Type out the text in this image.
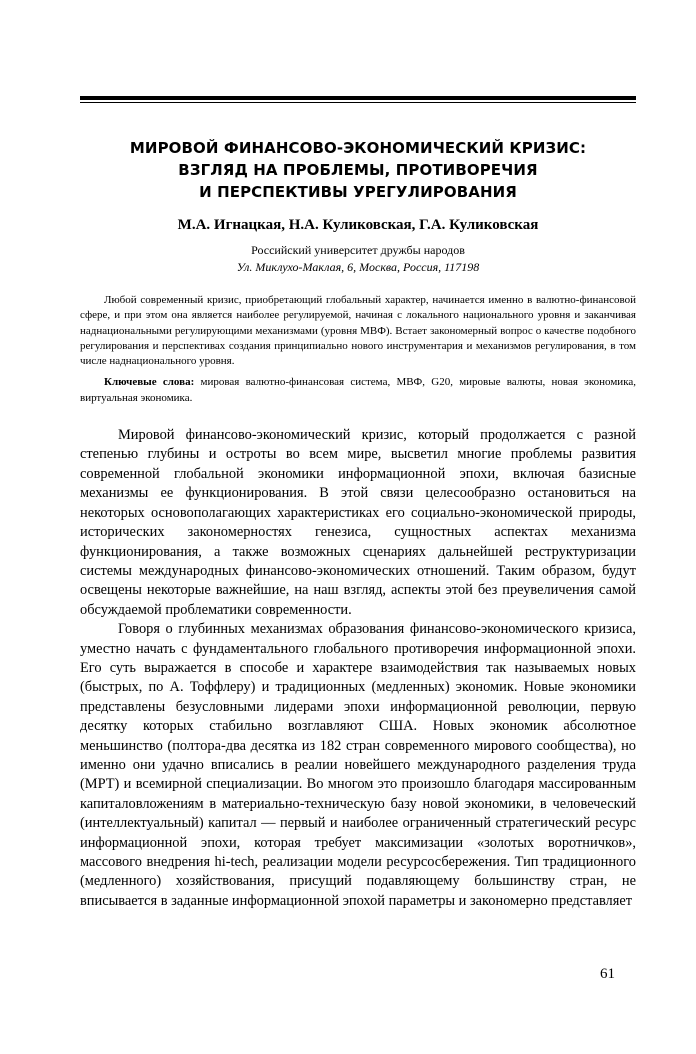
МИРОВОЙ ФИНАНСОВО-ЭКОНОМИЧЕСКИЙ КРИЗИС:
ВЗГЛЯД НА ПРОБЛЕМЫ, ПРОТИВОРЕЧИЯ
И ПЕРСПЕКТИВЫ УРЕГУЛИРОВАНИЯ
М.А. Игнацкая, Н.А. Куликовская, Г.А. Куликовская
Российский университет дружбы народов
Ул. Миклухо-Маклая, 6, Москва, Россия, 117198
Любой современный кризис, приобретающий глобальный характер, начинается именно в валютно-финансовой сфере, и при этом она является наиболее регулируемой, начиная с локального национального уровня и заканчивая наднациональными регулирующими механизмами (уровня МВФ). Встает закономерный вопрос о качестве подобного регулирования и перспективах создания принципиально нового инструментария и механизмов регулирования, в том числе наднационального уровня.
Ключевые слова: мировая валютно-финансовая система, МВФ, G20, мировые валюты, новая экономика, виртуальная экономика.

Мировой финансово-экономический кризис, который продолжается с разной степенью глубины и остроты во всем мире, высветил многие проблемы развития современной глобальной экономики информационной эпохи, включая базисные механизмы ее функционирования. В этой связи целесообразно остановиться на некоторых основополагающих характеристиках его социально-экономической природы, исторических закономерностях генезиса, сущностных аспектах механизма функционирования, а также возможных сценариях дальнейшей реструктуризации системы международных финансово-экономических отношений. Таким образом, будут освещены некоторые важнейшие, на наш взгляд, аспекты этой без преувеличения самой обсуждаемой проблематики современности.

Говоря о глубинных механизмах образования финансово-экономического кризиса, уместно начать с фундаментального глобального противоречия информационной эпохи. Его суть выражается в способе и характере взаимодействия так называемых новых (быстрых, по А. Тоффлеру) и традиционных (медленных) экономик. Новые экономики представлены безусловными лидерами эпохи информационной революции, первую десятку которых стабильно возглавляют США. Новых экономик абсолютное меньшинство (полтора-два десятка из 182 стран современного мирового сообщества), но именно они удачно вписались в реалии новейшего международного разделения труда (МРТ) и всемирной специализации. Во многом это произошло благодаря массированным капиталовложениям в материально-техническую базу новой экономики, в человеческий (интеллектуальный) капитал — первый и наиболее ограниченный стратегический ресурс информационной эпохи, которая требует максимизации «золотых воротничков», массового внедрения hi-tech, реализации модели ресурсосбережения. Тип традиционного (медленного) хозяйствования, присущий подавляющему большинству стран, не вписывается в заданные информационной эпохой параметры и закономерно представляет

61
